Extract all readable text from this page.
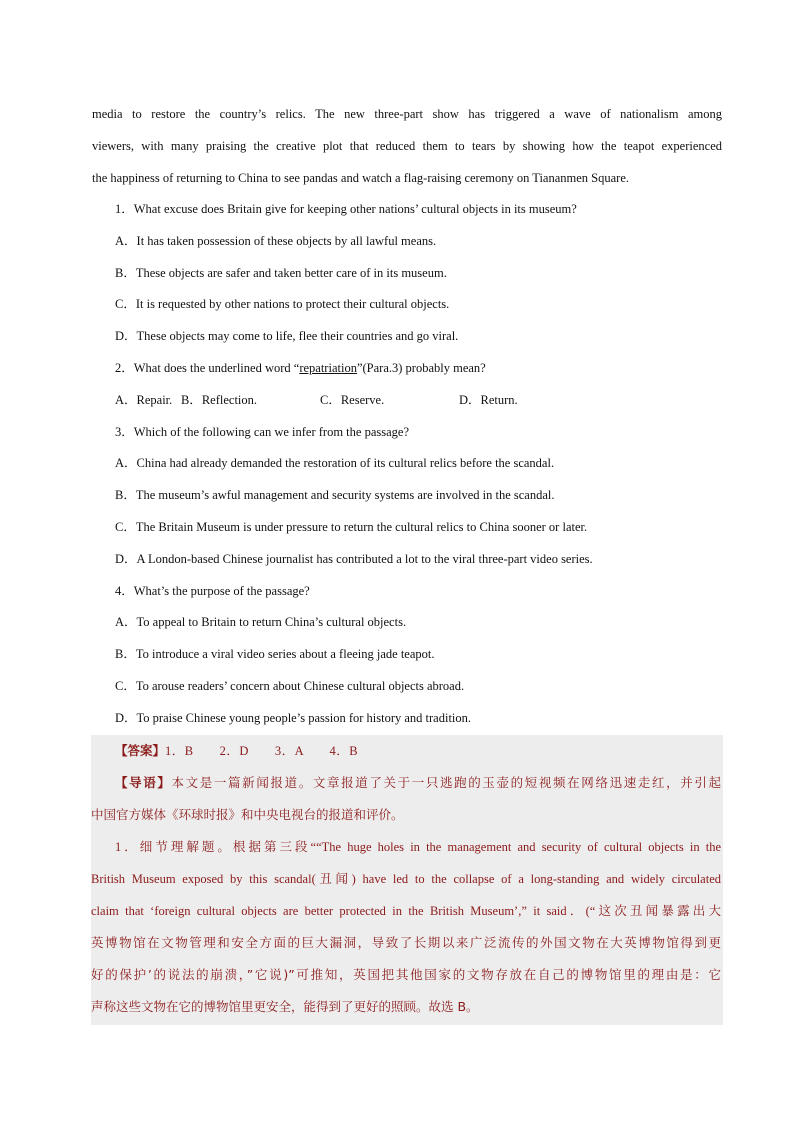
media to restore the country’s relics. The new three-part show has triggered a wave of nationalism among
viewers, with many praising the creative plot that reduced them to tears by showing how the teapot experienced
the happiness of returning to China to see pandas and watch a flag-raising ceremony on Tiananmen Square.

1．What excuse does Britain give for keeping other nations’ cultural objects in its museum?

A．It has taken possession of these objects by all lawful means.

B．These objects are safer and taken better care of in its museum.

C．It is requested by other nations to protect their cultural objects.

D．These objects may come to life, flee their countries and go viral.

2．What does the underlined word “repatriation”(Para.3) probably mean?

A．Repair. B．Reflection.	C．Reserve.	D．Return.

3．Which of the following can we infer from the passage?

A．China had already demanded the restoration of its cultural relics before the scandal.

B．The museum’s awful management and security systems are involved in the scandal.

C．The Britain Museum is under pressure to return the cultural relics to China sooner or later.

D．A London-based Chinese journalist has contributed a lot to the viral three-part video series.

4．What’s the purpose of the passage?

A．To appeal to Britain to return China’s cultural objects.

B．To introduce a viral video series about a fleeing jade teapot.

C．To arouse readers’ concern about Chinese cultural objects abroad.

D．To praise Chinese young people’s passion for history and tradition.

【答案】1．B　　2．D　　3．A　　4．B

【导语】本文是一篇新闻报道。文章报道了关于一只逃跑的玉壶的短视频在网络迅速走红，并引起
中国官方媒体《环球时报》和中央电视台的报道和评价。

1．细节理解题。根据第三段““The huge holes in the management and security of cultural objects in the
British Museum exposed by this scandal(丑闻) have led to the collapse of a long-standing and widely circulated
claim that ‘foreign cultural objects are better protected in the British Museum’,” it said．(“这次丑闻暴露出大
英博物馆在文物管理和安全方面的巨大漏洞，导致了长期以来广泛流传的外国文物在大英博物馆得到更
好的保护’的说法的崩溃，”它说)”可推知，英国把其他国家的文物存放在自己的博物馆里的理由是：它
声称这些文物在它的博物馆里更安全，能得到了更好的照顾。故选 B。
